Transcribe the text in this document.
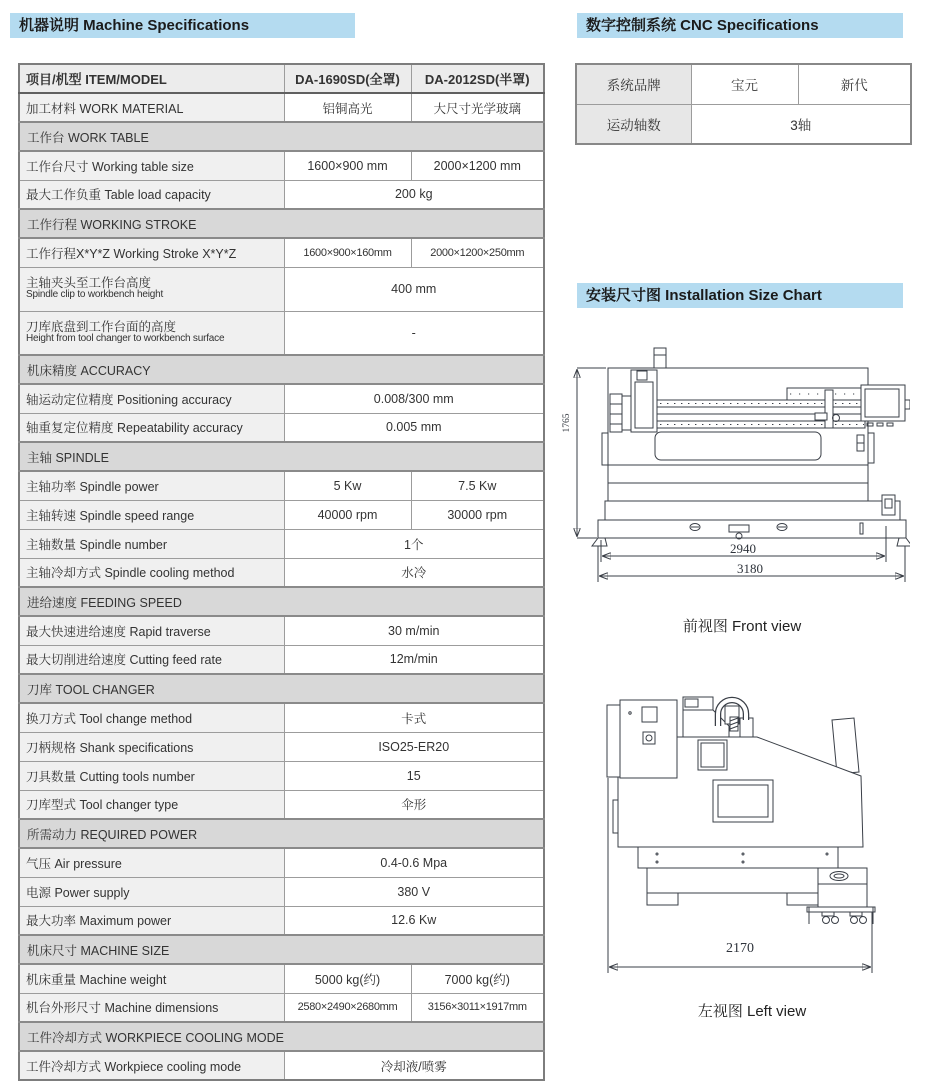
机器说明 Machine Specifications	数字控制系统 CNC Specifications
安装尺寸图 Installation Size Chart
项目/机型 ITEM/MODEL	DA-1690SD(全罩)	DA-2012SD(半罩)
加工材料 WORK MATERIAL	铝铜高光	大尺寸光学玻璃
工作台 WORK TABLE		
工作台尺寸 Working table size	1600×900 mm	2000×1200 mm
最大工作负重 Table load capacity	200 kg	
工作行程 WORKING STROKE		
工作行程X*Y*Z Working Stroke X*Y*Z	1600×900×160mm	2000×1200×250mm

主轴夹头至工作台高度
Spindle clip to workbench height	400 mm	

刀库底盘到工作台面的高度
Height from tool changer to workbench surface	-	
机床精度 ACCURACY		
轴运动定位精度 Positioning accuracy	0.008/300 mm	
轴重复定位精度 Repeatability accuracy	0.005 mm	
主轴 SPINDLE		
主轴功率 Spindle power	5 Kw	7.5 Kw
主轴转速 Spindle speed range	40000 rpm	30000 rpm
主轴数量 Spindle number	1个	
主轴冷却方式 Spindle cooling method	水冷	
进给速度 FEEDING SPEED		
最大快速进给速度 Rapid traverse	30 m/min	
最大切削进给速度 Cutting feed rate	12m/min	
刀库 TOOL CHANGER		
换刀方式 Tool change method	卡式	
刀柄规格 Shank specifications	ISO25-ER20	
刀具数量 Cutting tools number	15	
刀库型式 Tool changer type	伞形	
所需动力 REQUIRED POWER		
气压 Air pressure	0.4-0.6 Mpa	
电源 Power supply	380 V	
最大功率 Maximum power	12.6 Kw	
机床尺寸 MACHINE SIZE		
机床重量 Machine weight	5000 kg(约)	7000 kg(约)
机台外形尺寸 Machine dimensions	2580×2490×2680mm	3156×3011×1917mm
工件冷却方式 WORKPIECE COOLING MODE		
工件冷却方式 Workpiece cooling mode	冷却液/喷雾	
系统品牌	宝元	新代
运动轴数	3轴	
1765
2940
3180
前视图 Front view
2170
左视图 Left view
